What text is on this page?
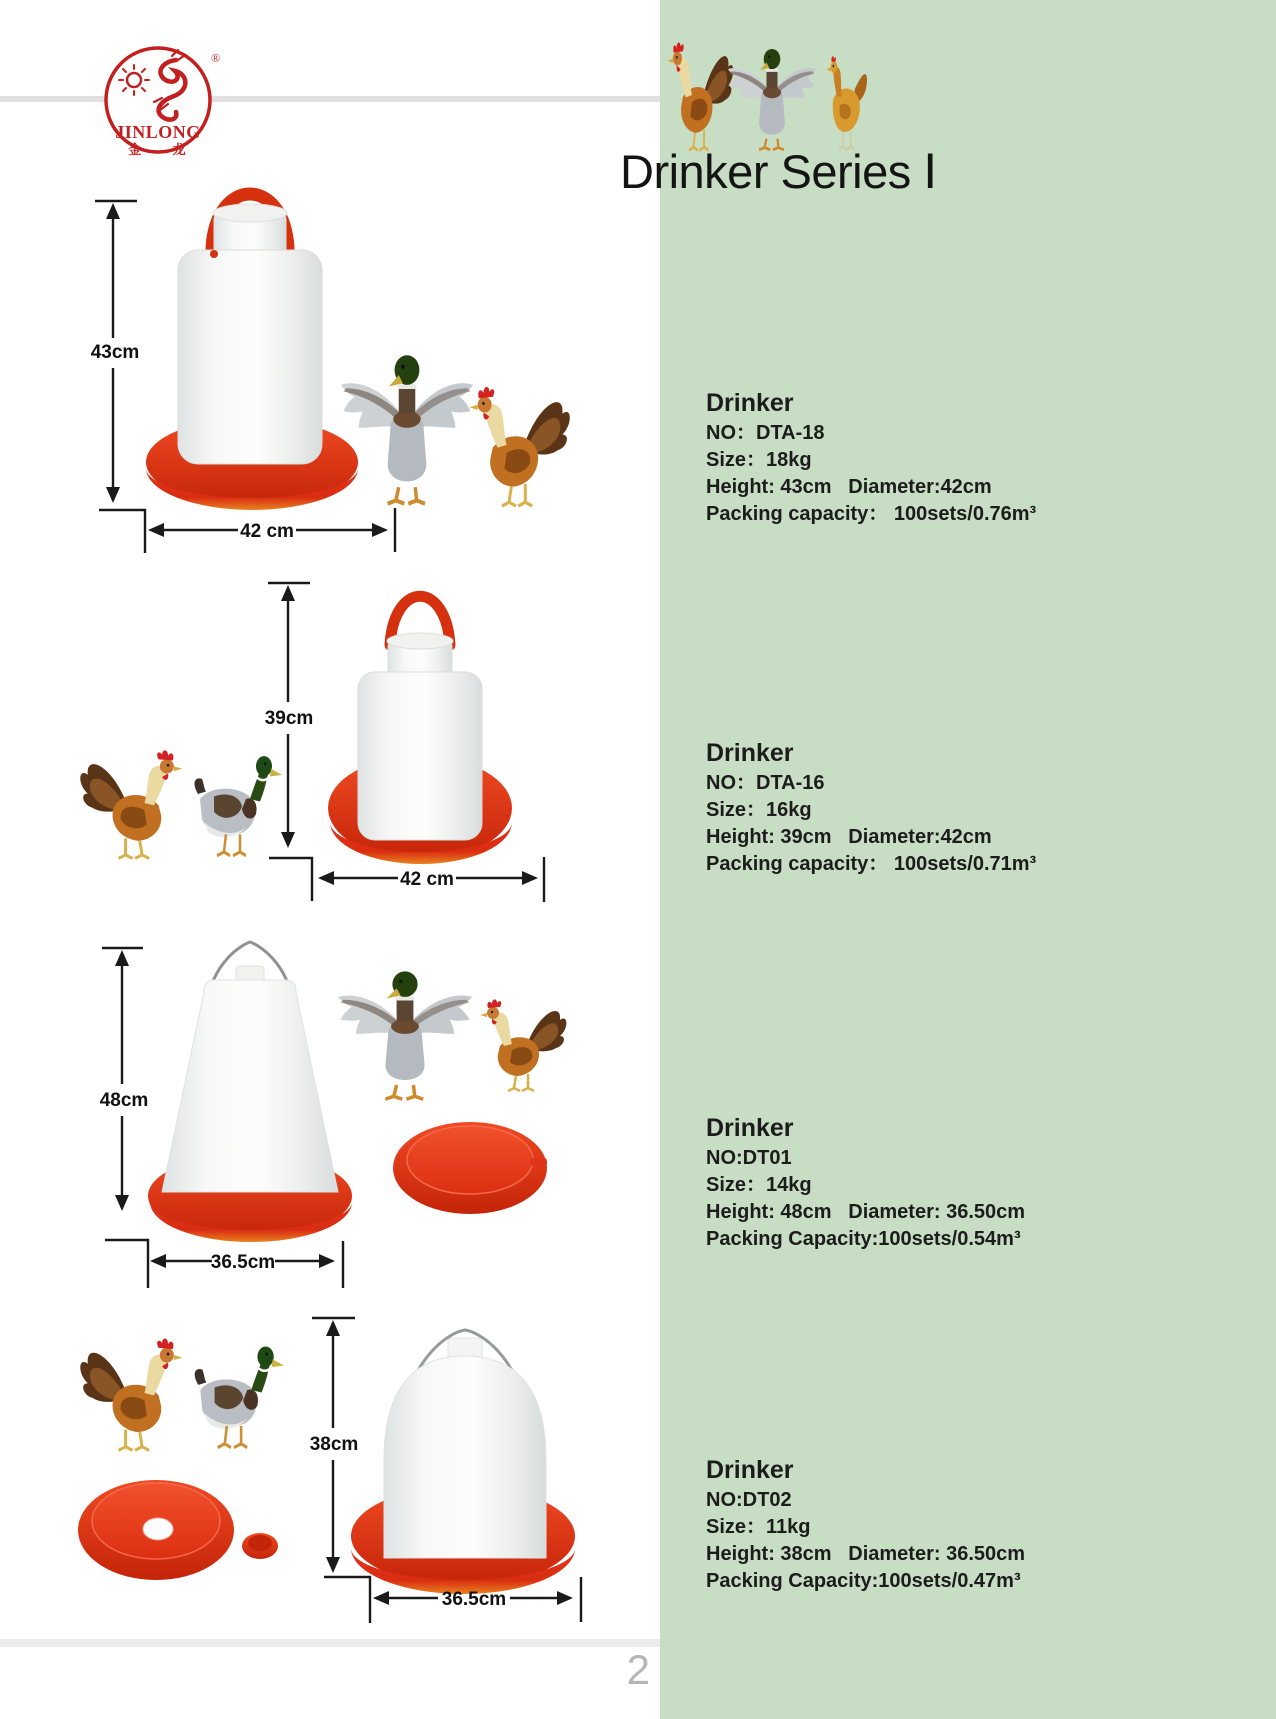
®
JINLONG
金 龙	Drinker Series Ⅰ
43cm
42 cm
39cm
42 cm
48cm
36.5cm
38cm
36.5cm
Drinker
NO：DTA-18
Size：18kg
Height: 43cm   Diameter:42cm
Packing capacity： 100sets/0.76m³
Drinker
NO：DTA-16
Size：16kg
Height: 39cm   Diameter:42cm
Packing capacity： 100sets/0.71m³
Drinker
NO:DT01
Size：14kg
Height: 48cm   Diameter: 36.50cm
Packing Capacity:100sets/0.54m³
Drinker
NO:DT02
Size：11kg
Height: 38cm   Diameter: 36.50cm
Packing Capacity:100sets/0.47m³
2
